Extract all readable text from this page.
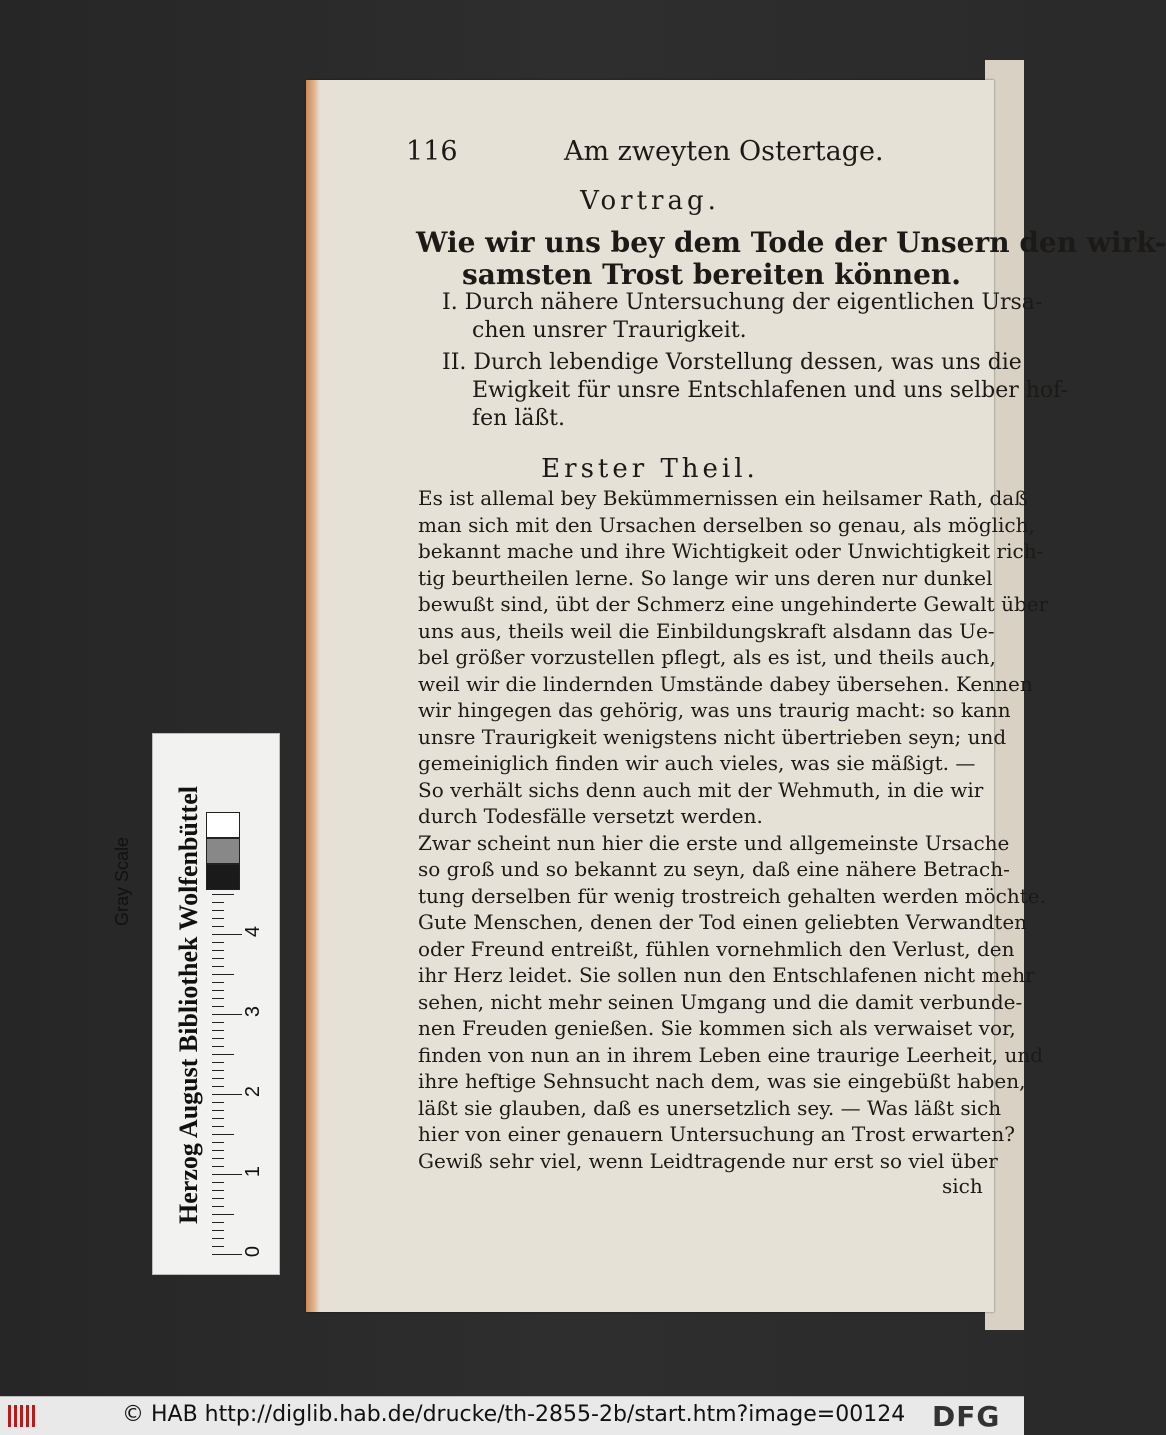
116	Am zweyten Ostertage.
Vortrag.
Wie wir uns bey dem Tode der Unsern den wirk-
samsten Trost bereiten können.
I. Durch nähere Untersuchung der eigentlichen Ursa-
chen unsrer Traurigkeit.
II. Durch lebendige Vorstellung dessen, was uns die
Ewigkeit für unsre Entschlafenen und uns selber hof-
fen läßt.
Erster Theil.
Es ist allemal bey Bekümmernissen ein heilsamer Rath, daß
man sich mit den Ursachen derselben so genau, als möglich,
bekannt mache und ihre Wichtigkeit oder Unwichtigkeit rich-
tig beurtheilen lerne. So lange wir uns deren nur dunkel
bewußt sind, übt der Schmerz eine ungehinderte Gewalt über
uns aus, theils weil die Einbildungskraft alsdann das Ue-
bel größer vorzustellen pflegt, als es ist, und theils auch,
weil wir die lindernden Umstände dabey übersehen. Kennen
wir hingegen das gehörig, was uns traurig macht: so kann
unsre Traurigkeit wenigstens nicht übertrieben seyn; und
gemeiniglich finden wir auch vieles, was sie mäßigt. —
So verhält sichs denn auch mit der Wehmuth, in die wir
durch Todesfälle versetzt werden.
Zwar scheint nun hier die erste und allgemeinste Ursache
so groß und so bekannt zu seyn, daß eine nähere Betrach-
tung derselben für wenig trostreich gehalten werden möchte.
Gute Menschen, denen der Tod einen geliebten Verwandten
oder Freund entreißt, fühlen vornehmlich den Verlust, den
ihr Herz leidet. Sie sollen nun den Entschlafenen nicht mehr
sehen, nicht mehr seinen Umgang und die damit verbunde-
nen Freuden genießen. Sie kommen sich als verwaiset vor,
finden von nun an in ihrem Leben eine traurige Leerheit, und
ihre heftige Sehnsucht nach dem, was sie eingebüßt haben,
läßt sie glauben, daß es unersetzlich sey. — Was läßt sich
hier von einer genauern Untersuchung an Trost erwarten?
Gewiß sehr viel, wenn Leidtragende nur erst so viel über
sich
Herzog August Bibliothek Wolfenbüttel
Gray Scale
0
1
2
3
4
© HAB http://diglib.hab.de/drucke/th-2855-2b/start.htm?image=00124 DFG
